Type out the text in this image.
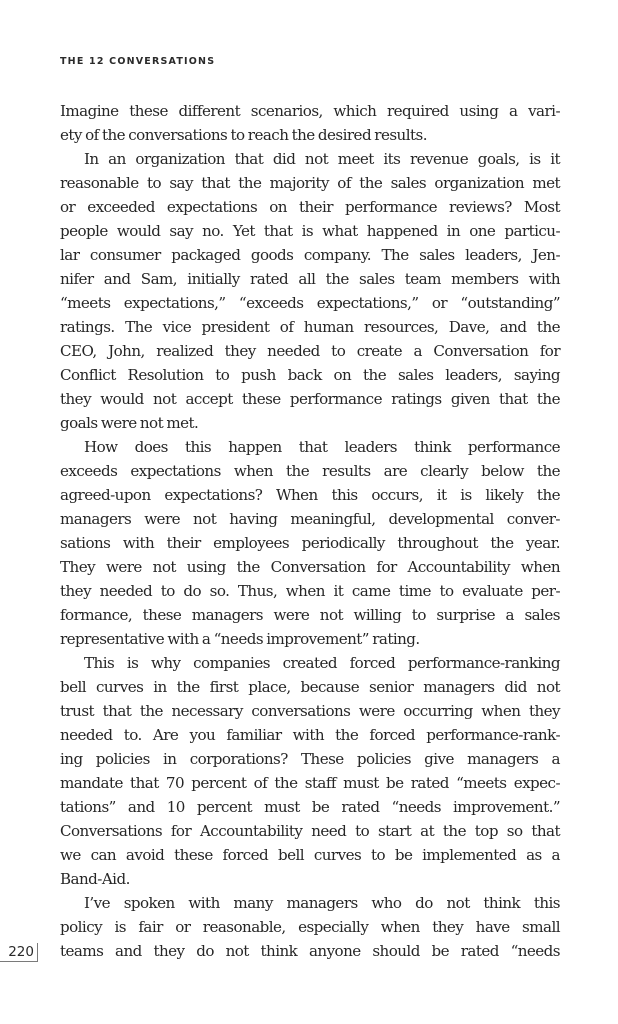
THE 12 CONVERSATIONS
Imagine these different scenarios, which required using a vari-
ety of the conversations to reach the desired results.
In an organization that did not meet its revenue goals, is it
reasonable to say that the majority of the sales organization met
or exceeded expectations on their performance reviews? Most
people would say no. Yet that is what happened in one particu-
lar consumer packaged goods company. The sales leaders, Jen-
nifer and Sam, initially rated all the sales team members with
“meets expectations,” “exceeds expectations,” or “outstanding”
ratings. The vice president of human resources, Dave, and the
CEO, John, realized they needed to create a Conversation for
Conflict Resolution to push back on the sales leaders, saying
they would not accept these performance ratings given that the
goals were not met.
How does this happen that leaders think performance
exceeds expectations when the results are clearly below the
agreed-upon expectations? When this occurs, it is likely the
managers were not having meaningful, developmental conver-
sations with their employees periodically throughout the year.
They were not using the Conversation for Accountability when
they needed to do so. Thus, when it came time to evaluate per-
formance, these managers were not willing to surprise a sales
representative with a “needs improvement” rating.
This is why companies created forced performance-ranking
bell curves in the first place, because senior managers did not
trust that the necessary conversations were occurring when they
needed to. Are you familiar with the forced performance-rank-
ing policies in corporations? These policies give managers a
mandate that 70 percent of the staff must be rated “meets expec-
tations” and 10 percent must be rated “needs improvement.”
Conversations for Accountability need to start at the top so that
we can avoid these forced bell curves to be implemented as a
Band-Aid.
I’ve spoken with many managers who do not think this
policy is fair or reasonable, especially when they have small
teams and they do not think anyone should be rated “needs
220
